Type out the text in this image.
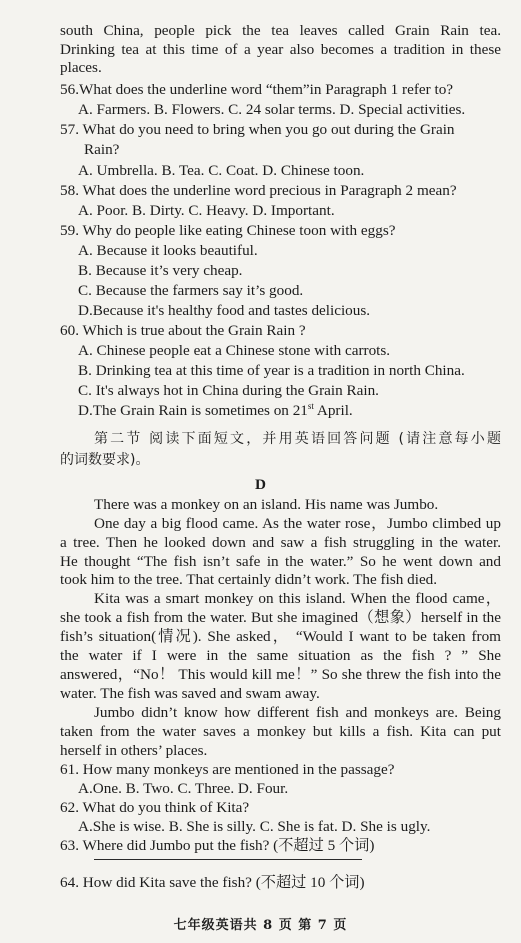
south China, people pick the tea leaves called Grain Rain tea.
Drinking tea at this time of a year also becomes a tradition in these
places.
56.What does the underline word “them”in Paragraph 1 refer to?
A. Farmers. B. Flowers. C. 24 solar terms. D. Special activities.
57. What do you need to bring when you go out during the Grain
Rain?
A. Umbrella. B. Tea. C. Coat. D. Chinese toon.
58. What does the underline word precious in Paragraph 2 mean?
A. Poor. B. Dirty. C. Heavy. D. Important.
59. Why do people like eating Chinese toon with eggs?
A. Because it looks beautiful.
B. Because it’s very cheap.
C. Because the farmers say it’s good.
D.Because it's healthy food and tastes delicious.
60. Which is true about the Grain Rain ?
A. Chinese people eat a Chinese stone with carrots.
B. Drinking tea at this time of year is a tradition in north China.
C. It's always hot in China during the Grain Rain.
D.The Grain Rain is sometimes on 21st April.
第二节 阅读下面短文，并用英语回答问题 (请注意每小题
的词数要求)。
D
There was a monkey on an island. His name was Jumbo.
One day a big flood came. As the water rose，Jumbo climbed up
a tree. Then he looked down and saw a fish struggling in the water.
He thought “The fish isn’t safe in the water.” So he went down and
took him to the tree. That certainly didn’t work. The fish died.
Kita was a smart monkey on this island. When the flood came，
she took a fish from the water. But she imagined（想象）herself in the
fish’s situation(情况). She asked， “Would I want to be taken from
the water if I were in the same situation as the fish ? ” She
answered，“No！ This would kill me！” So she threw the fish into the
water. The fish was saved and swam away.
Jumbo didn’t know how different fish and monkeys are. Being
taken from the water saves a monkey but kills a fish. Kita can put
herself in others’ places.
61. How many monkeys are mentioned in the passage?
A.One. B. Two. C. Three. D. Four.
62. What do you think of Kita?
A.She is wise. B. She is silly. C. She is fat. D. She is ugly.
63. Where did Jumbo put the fish? (不超过 5 个词)
64. How did Kita save the fish? (不超过 10 个词)
七年级英语共 8 页 第 7 页
